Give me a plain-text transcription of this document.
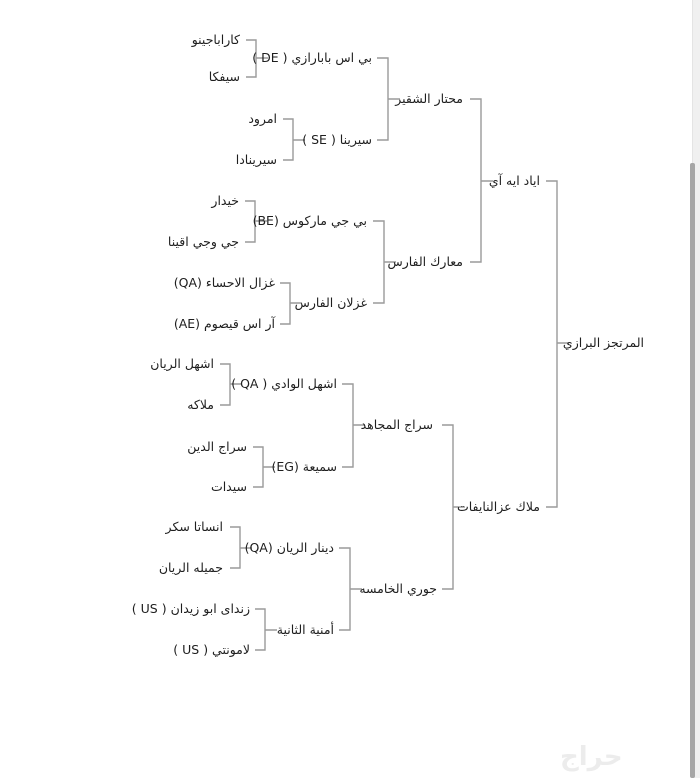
كاراباجينو
سيفكا
امرود
سيرينادا
خيدار
جي وجي اقينا
غزال الاحساء (QA)
آر اس قيصوم (AE)
اشهل الريان
ملاكه
سراج الدين
سيدات
انساتا سكر
جميله الريان
زنداى ابو زيدان ( US )
لامونتي ( US )
بي اس بابارازي ( DE )
سيرينا ( SE )
بي جي ماركوس (BE)
غزلان الفارس
اشهل الوادي ( QA )
سميعة (EG)
دينار الريان (QA)
أمنية الثانية
محتار الشقير
معارك الفارس
سراج المجاهد
جوري الخامسه
اياد ايه آي
ملاك عزالنايفات
المرتجز البرازي
حراج
